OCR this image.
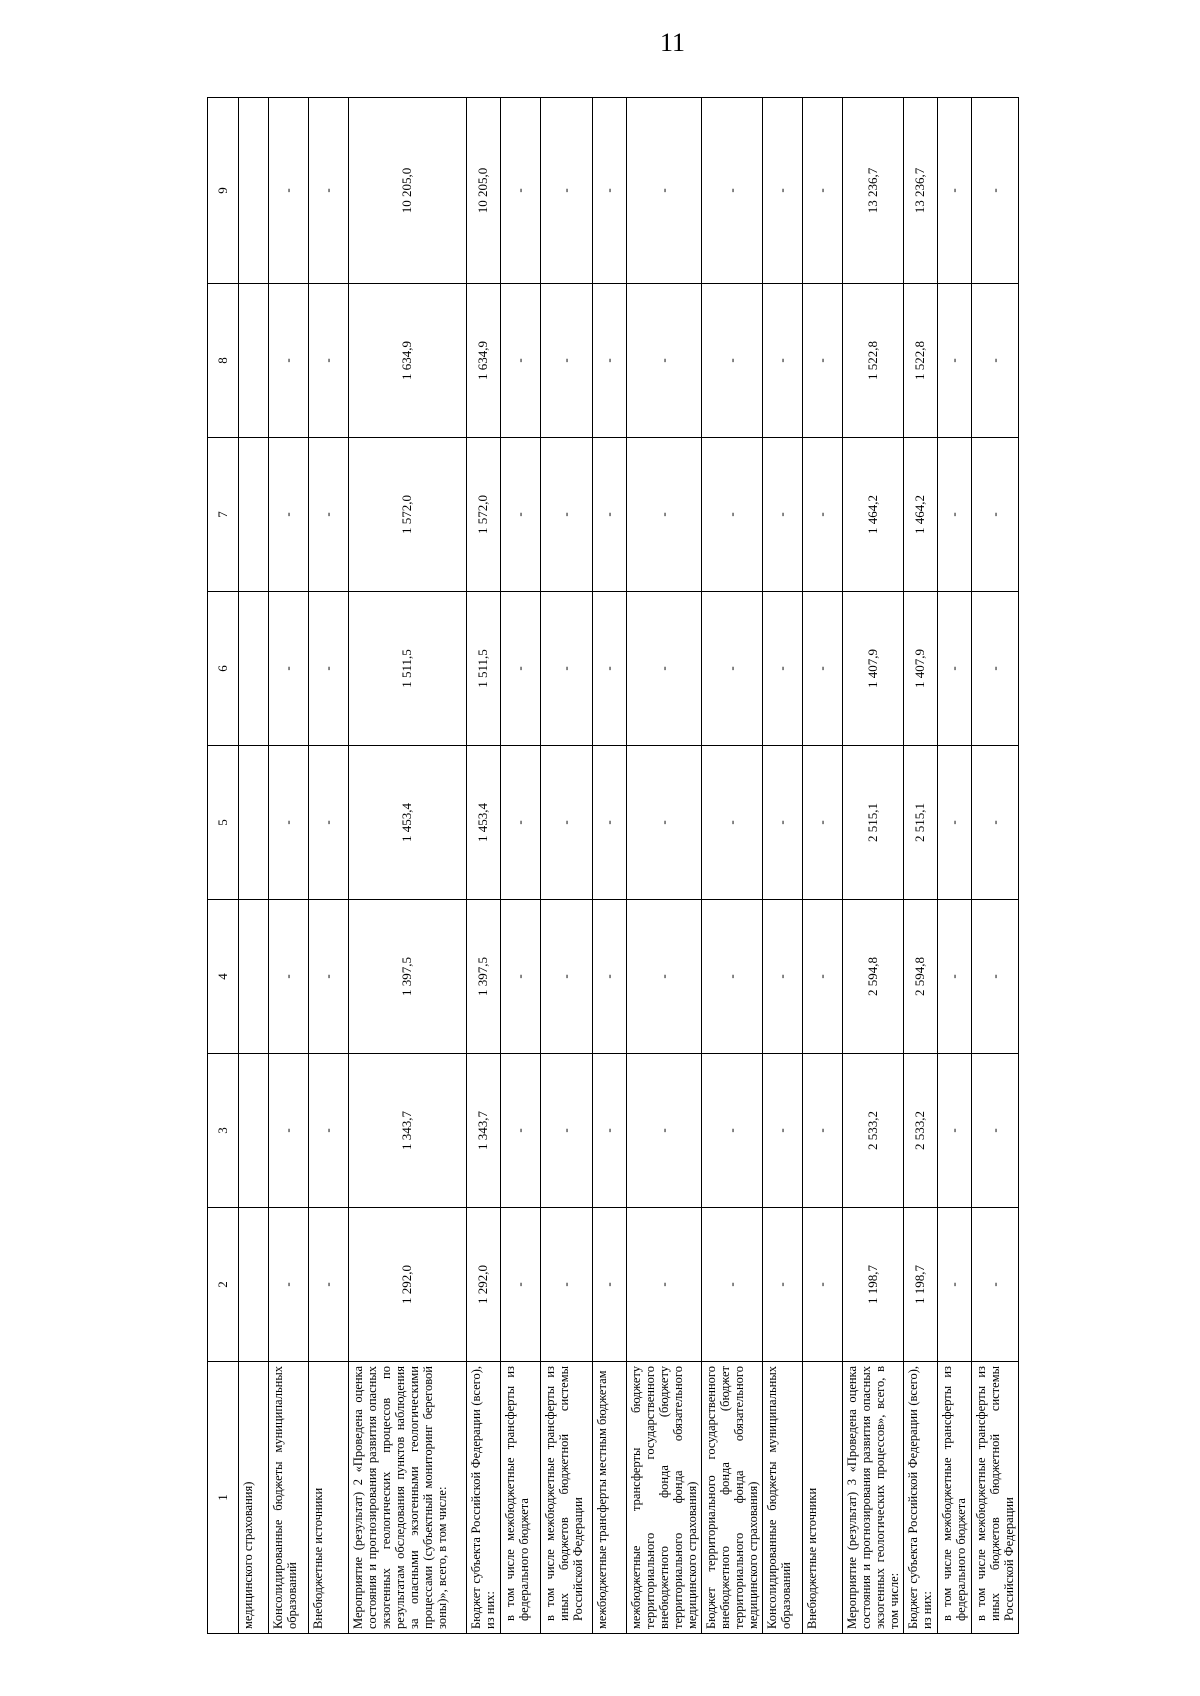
11
1	2	3	4	5	6	7	8	9
медицинского страхования)								
Консолидированные бюджеты муниципальных образований	-	-	-	-	-	-	-	-
Внебюджетные источники	-	-	-	-	-	-	-	-
Мероприятие (результат) 2 «Проведена оценка состояния и прогнозирования развития опасных экзогенных геологических процессов по результатам обследования пунктов наблюдения за опасными экзогенными геологическими процессами (субъектный мониторинг береговой зоны)», всего, в том числе:	1 292,0	1 343,7	1 397,5	1 453,4	1 511,5	1 572,0	1 634,9	10 205,0
Бюджет субъекта Российской Федерации (всего), из них:	1 292,0	1 343,7	1 397,5	1 453,4	1 511,5	1 572,0	1 634,9	10 205,0
в том числе межбюджетные трансферты из федерального бюджета	-	-	-	-	-	-	-	-
в том числе межбюджетные трансферты из иных бюджетов бюджетной системы Российской Федерации	-	-	-	-	-	-	-	-
межбюджетные трансферты местным бюджетам	-	-	-	-	-	-	-	-
межбюджетные трансферты бюджету территориального государственного внебюджетного фонда (бюджету территориального фонда обязательного медицинского страхования)	-	-	-	-	-	-	-	-
Бюджет территориального государственного внебюджетного фонда (бюджет территориального фонда обязательного медицинского страхования)	-	-	-	-	-	-	-	-
Консолидированные бюджеты муниципальных образований	-	-	-	-	-	-	-	-
Внебюджетные источники	-	-	-	-	-	-	-	-
Мероприятие (результат) 3 «Проведена оценка состояния и прогнозирования развития опасных экзогенных геологических процессов», всего, в том числе:	1 198,7	2 533,2	2 594,8	2 515,1	1 407,9	1 464,2	1 522,8	13 236,7
Бюджет субъекта Российской Федерации (всего), из них:	1 198,7	2 533,2	2 594,8	2 515,1	1 407,9	1 464,2	1 522,8	13 236,7
в том числе межбюджетные трансферты из федерального бюджета	-	-	-	-	-	-	-	-
в том числе межбюджетные трансферты из иных бюджетов бюджетной системы Российской Федерации	-	-	-	-	-	-	-	-
